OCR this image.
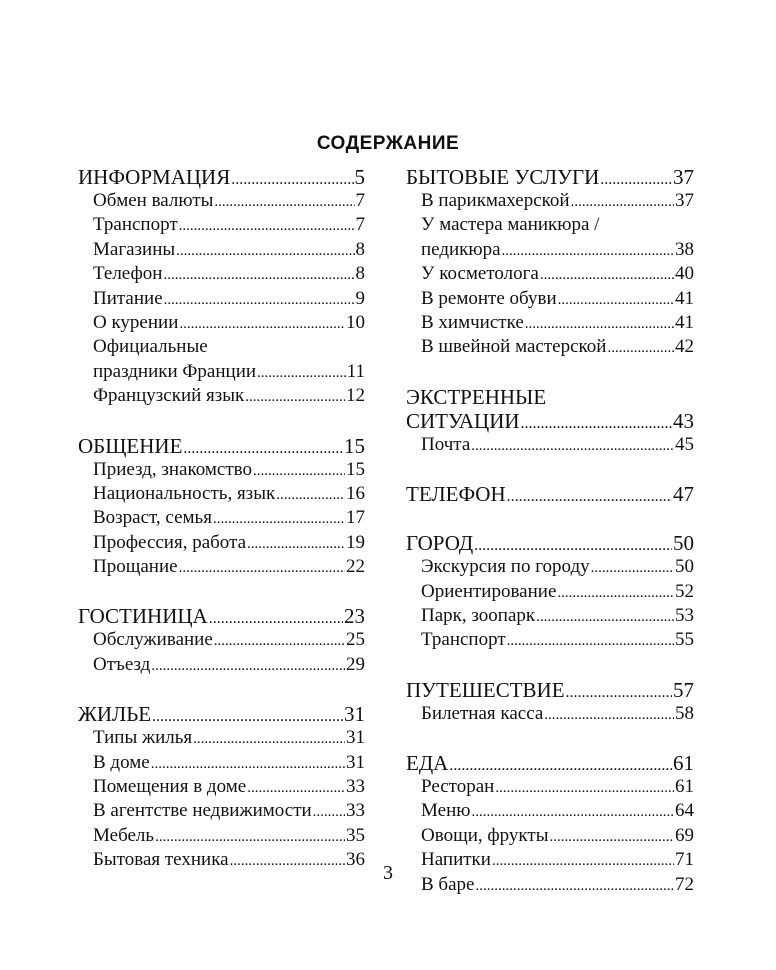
СОДЕРЖАНИЕ
ИНФОРМАЦИЯ .....	5
Обмен валюты .....	7
Транспорт .....	7
Магазины .....	8
Телефон .....	8
Питание .....	9
О курении .....	10
Официальные
праздники Франции .....	11
Французский язык .....	12
ОБЩЕНИЕ .....	15
Приезд, знакомство .....	15
Национальность, язык .....	16
Возраст, семья .....	17
Профессия, работа .....	19
Прощание .....	22
ГОСТИНИЦА .....	23
Обслуживание .....	25
Отъезд .....	29
ЖИЛЬЕ .....	31
Типы жилья .....	31
В доме .....	31
Помещения в доме .....	33
В агентстве недвижимости ..... 33
Мебель .....	35
Бытовая техника .....	36
БЫТОВЫЕ УСЛУГИ .....	37
В парикмахерской .....	37
У мастера маникюра /
педикюра .....	38
У косметолога .....	40
В ремонте обуви .....	41
В химчистке .....	41
В швейной мастерской .....	42
ЭКСТРЕННЫЕ
СИТУАЦИИ .....	43
Почта .....	45
ТЕЛЕФОН .....	47
ГОРОД .....	50
Экскурсия по городу .....	50
Ориентирование .....	52
Парк, зоопарк .....	53
Транспорт .....	55
ПУТЕШЕСТВИЕ .....	57
Билетная касса .....	58
ЕДА .....	61
Ресторан .....	61
Меню .....	64
Овощи, фрукты .....	69
Напитки .....	71
В баре .....	72
3
